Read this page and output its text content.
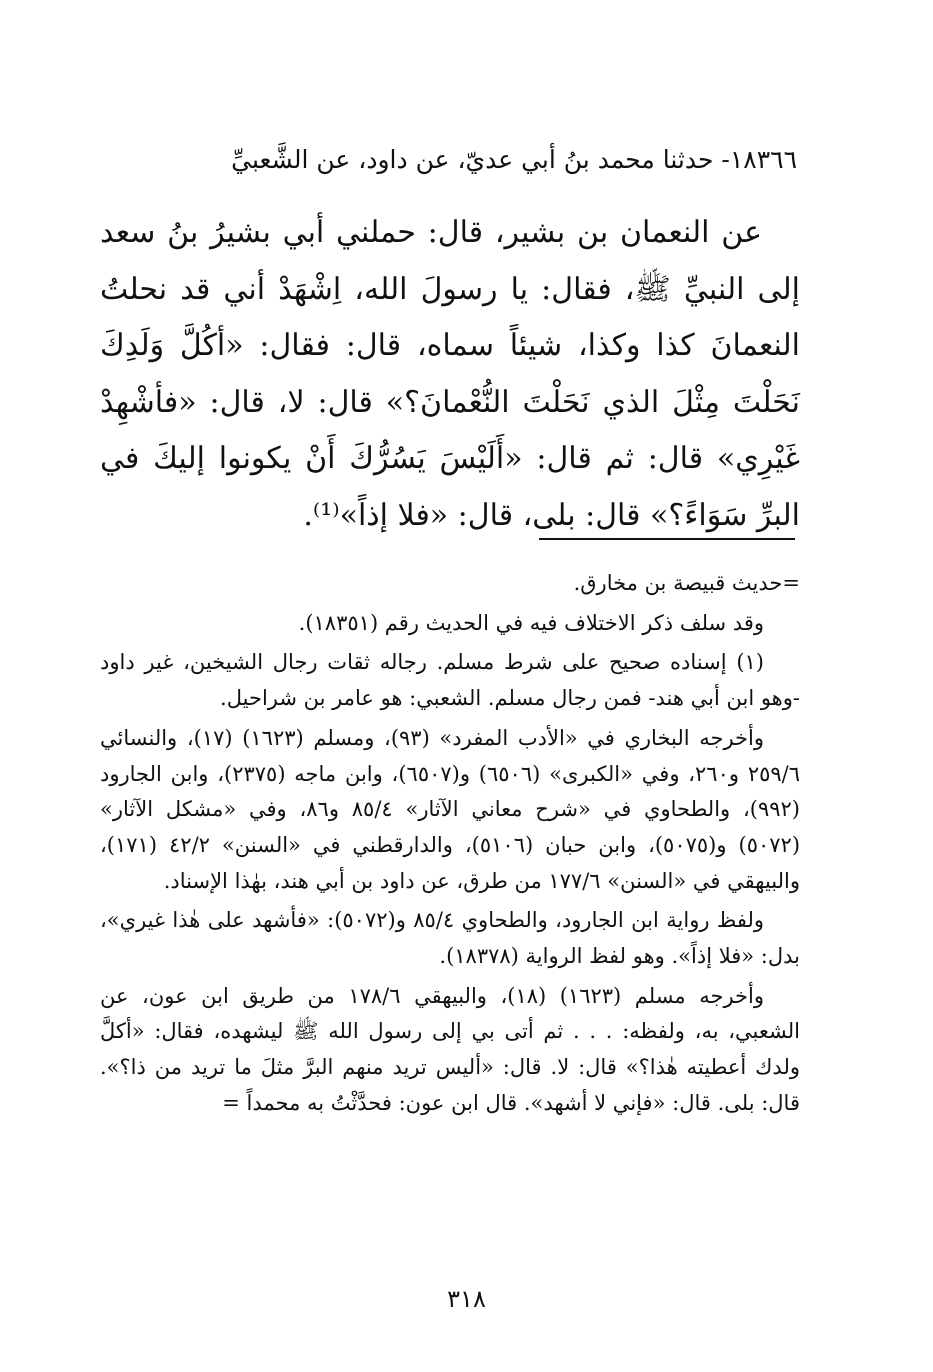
١٨٣٦٦- حدثنا محمد بنُ أبي عديّ، عن داود، عن الشَّعبيِّ

عن النعمان بن بشير، قال: حملني أبي بشيرُ بنُ سعد إلى النبيِّ ﷺ، فقال: يا رسولَ الله، اِشْهَدْ أني قد نحلتُ النعمانَ كذا وكذا، شيئاً سماه، قال: فقال: «أكُلَّ وَلَدِكَ نَحَلْتَ مِثْلَ الذي نَحَلْتَ النُّعْمانَ؟» قال: لا، قال: «فأشْهِدْ غَيْرِي» قال: ثم قال: «أَلَيْسَ يَسُرُّكَ أَنْ يكونوا إليكَ في البرِّ سَوَاءً؟» قال: بلى، قال: «فلا إذاً»⁽¹⁾.

=حديث قبيصة بن مخارق.

وقد سلف ذكر الاختلاف فيه في الحديث رقم (١٨٣٥١).

(١) إسناده صحيح على شرط مسلم. رجاله ثقات رجال الشيخين، غير داود -وهو ابن أبي هند- فمن رجال مسلم. الشعبي: هو عامر بن شراحيل.

وأخرجه البخاري في «الأدب المفرد» (٩٣)، ومسلم (١٦٢٣) (١٧)، والنسائي ٢٥٩/٦ و٢٦٠، وفي «الكبرى» (٦٥٠٦) و(٦٥٠٧)، وابن ماجه (٢٣٧٥)، وابن الجارود (٩٩٢)، والطحاوي في «شرح معاني الآثار» ٨٥/٤ و٨٦، وفي «مشكل الآثار» (٥٠٧٢) و(٥٠٧٥)، وابن حبان (٥١٠٦)، والدارقطني في «السنن» ٤٢/٢ (١٧١)، والبيهقي في «السنن» ١٧٧/٦ من طرق، عن داود بن أبي هند، بهٰذا الإسناد.

ولفظ رواية ابن الجارود، والطحاوي ٨٥/٤ و(٥٠٧٢): «فأشهد على هٰذا غيري»، بدل: «فلا إذاً». وهو لفظ الرواية (١٨٣٧٨).

وأخرجه مسلم (١٦٢٣) (١٨)، والبيهقي ١٧٨/٦ من طريق ابن عون، عن الشعبي، به، ولفظه: . . . ثم أتى بي إلى رسول الله ﷺ ليشهده، فقال: «أكلَّ ولدك أعطيته هٰذا؟» قال: لا. قال: «أليس تريد منهم البرَّ مثلَ ما تريد من ذا؟». قال: بلى. قال: «فإني لا أشهد». قال ابن عون: فحدَّثْتُ به محمداً =

٣١٨
